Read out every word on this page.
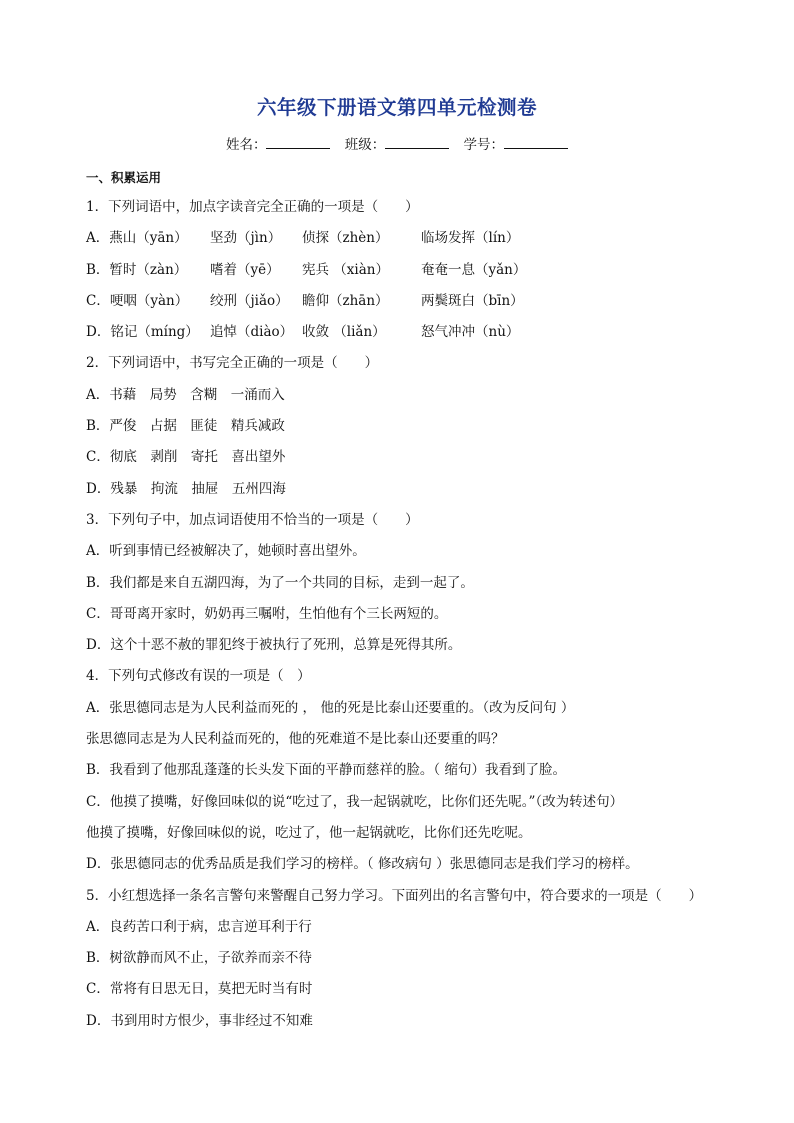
六年级下册语文第四单元检测卷
姓名：	班级：	学号：
一、积累运用
1．下列词语中，加点字读音完全正确的一项是（　　）
A．燕山（yān） 坚劲（jìn） 侦探（zhèn） 临场发挥（lín）
B．暂时（zàn） 嗜着（yē） 宪兵 （xiàn） 奄奄一息（yǎn）
C．哽咽（yàn） 绞刑（jiǎo） 瞻仰（zhān） 两鬓斑白（bīn）
D．铭记（míng） 追悼（diào） 收敛 （liǎn）	怒气冲冲（nù）
2．下列词语中，书写完全正确的一项是（　　）
A．书藉　局势　含糊　一涌而入
B．严俊　占据　匪徒　精兵减政
C．彻底　剥削　寄托　喜出望外
D．残暴　拘流　抽屉　五州四海
3．下列句子中，加点词语使用不恰当的一项是（　　）
A．听到事情已经被解决了，她顿时喜出望外。
B．我们都是来自五湖四海，为了一个共同的目标，走到一起了。
C．哥哥离开家时，奶奶再三嘱咐，生怕他有个三长两短的。
D．这个十恶不赦的罪犯终于被执行了死刑，总算是死得其所。
4．下列句式修改有误的一项是（　）
A．张思德同志是为人民利益而死的 ， 他的死是比泰山还要重的。（改为反问句 ）
张思德同志是为人民利益而死的，他的死难道不是比泰山还要重的吗？
B．我看到了他那乱蓬蓬的长头发下面的平静而慈祥的脸。（ 缩句）我看到了脸。
C．他摸了摸嘴，好像回味似的说“吃过了，我一起锅就吃，比你们还先呢。”（改为转述句）
他摸了摸嘴，好像回味似的说，吃过了，他一起锅就吃，比你们还先吃呢。
D．张思德同志的优秀品质是我们学习的榜样。（ 修改病句 ）张思德同志是我们学习的榜样。
5．小红想选择一条名言警句来警醒自己努力学习。下面列出的名言警句中，符合要求的一项是（　　）
A．良药苦口利于病，忠言逆耳利于行
B．树欲静而风不止，子欲养而亲不待
C．常将有日思无日，莫把无时当有时
D．书到用时方恨少，事非经过不知难
